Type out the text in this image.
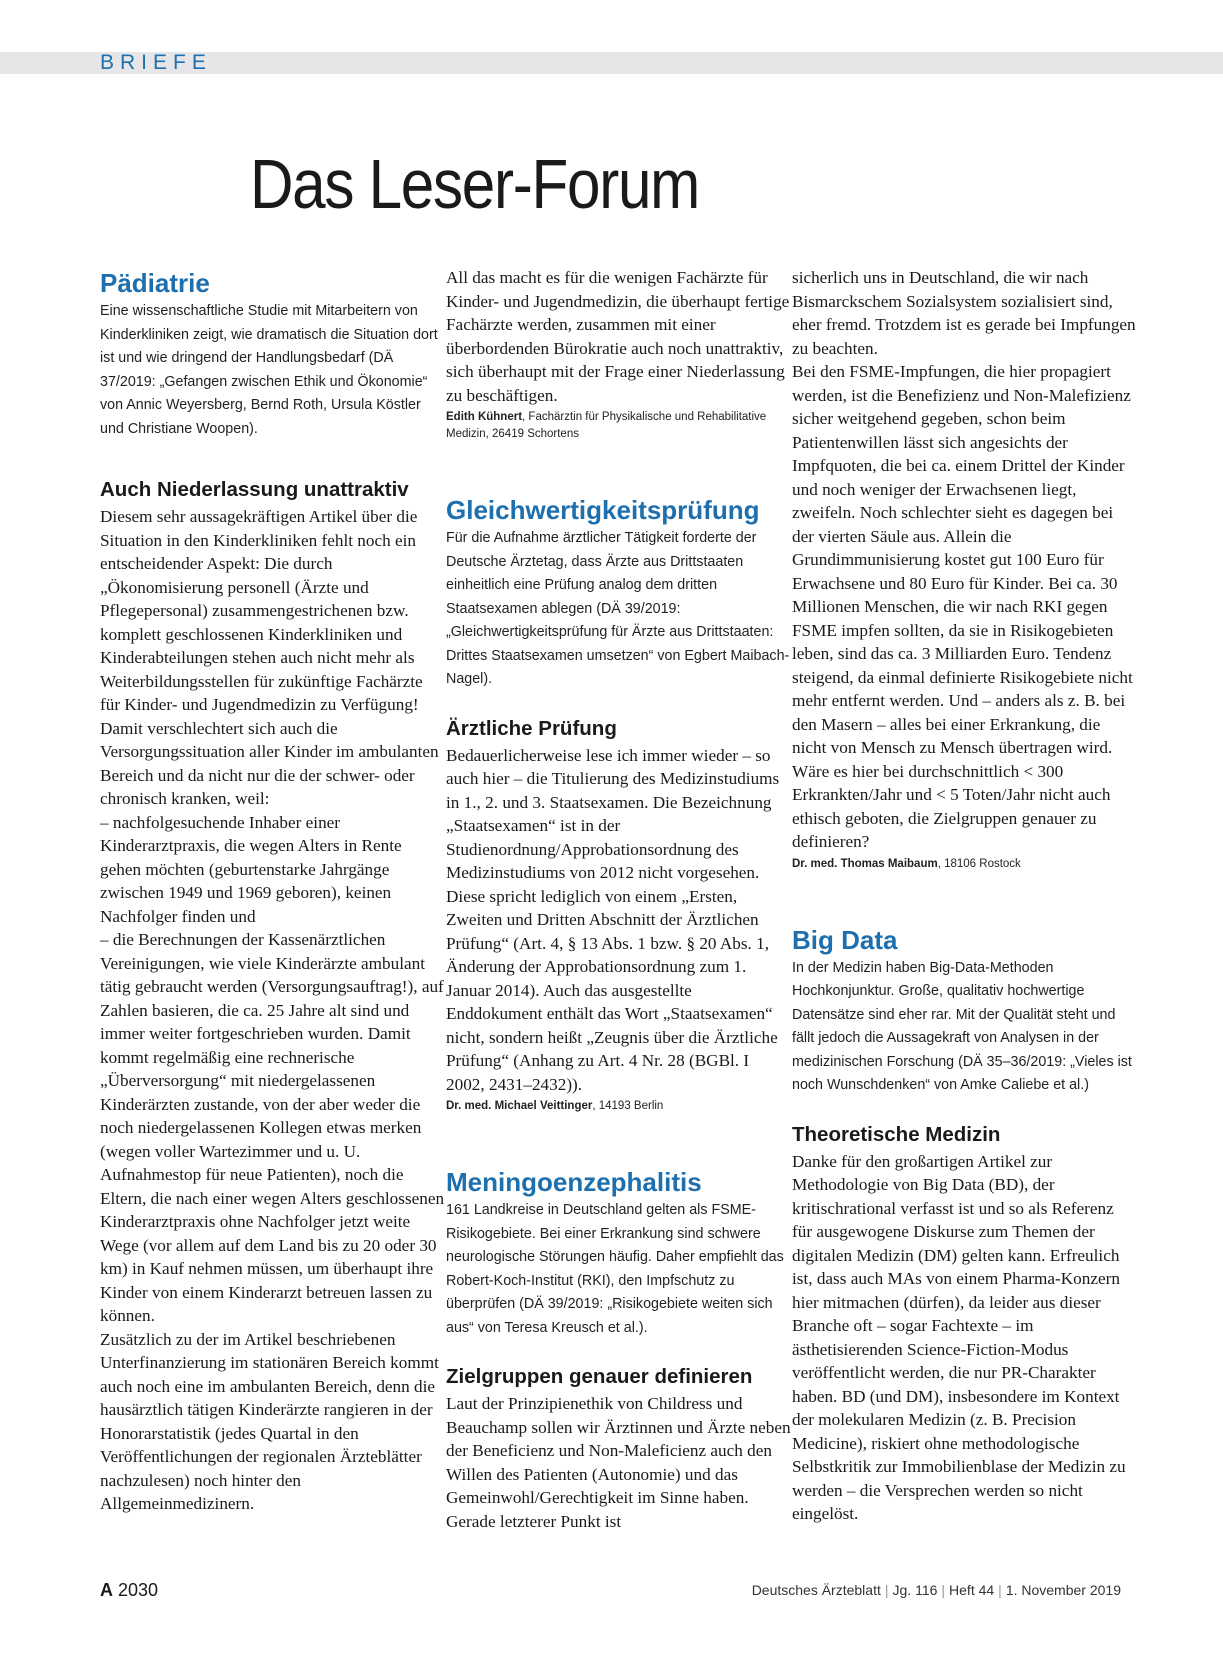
BRIEFE
Das Leser-Forum
Pädiatrie

Eine wissenschaftliche Studie mit Mitarbeitern von Kinderkliniken zeigt, wie dramatisch die Situation dort ist und wie dringend der Handlungsbedarf (DÄ 37/2019: „Gefangen zwischen Ethik und Ökonomie“ von Annic Weyersberg, Bernd Roth, Ursula Köstler und Christiane Woopen).

Auch Niederlassung unattraktiv

Diesem sehr aussagekräftigen Artikel über die Situation in den Kinderkliniken fehlt noch ein entscheidender Aspekt: Die durch „Ökonomisierung personell (Ärzte und Pflegepersonal) zusammengestrichenen bzw. komplett geschlossenen Kinderkliniken und Kinderabteilungen stehen auch nicht mehr als Weiterbildungsstellen für zukünftige Fachärzte für Kinder- und Jugendmedizin zu Verfügung!

Damit verschlechtert sich auch die Versorgungssituation aller Kinder im ambulanten Bereich und da nicht nur die der schwer- oder chronisch kranken, weil:

– nachfolgesuchende Inhaber einer Kinderarztpraxis, die wegen Alters in Rente gehen möchten (geburtenstarke Jahrgänge zwischen 1949 und 1969 geboren), keinen Nachfolger finden und

– die Berechnungen der Kassenärztlichen Vereinigungen, wie viele Kinderärzte ambulant tätig gebraucht werden (Versorgungsauftrag!), auf Zahlen basieren, die ca. 25 Jahre alt sind und immer weiter fortgeschrieben wurden. Damit kommt regelmäßig eine rechnerische „Überversorgung“ mit niedergelassenen Kinderärzten zustande, von der aber weder die noch niedergelassenen Kollegen etwas merken (wegen voller Wartezimmer und u. U. Aufnahmestop für neue Patienten), noch die Eltern, die nach einer wegen Alters geschlossenen Kinderarztpraxis ohne Nachfolger jetzt weite Wege (vor allem auf dem Land bis zu 20 oder 30 km) in Kauf nehmen müssen, um überhaupt ihre Kinder von einem Kinderarzt betreuen lassen zu können.

Zusätzlich zu der im Artikel beschriebenen Unterfinanzierung im stationären Bereich kommt auch noch eine im ambulanten Bereich, denn die hausärztlich tätigen Kinderärzte rangieren in der Honorarstatistik (jedes Quartal in den Veröffentlichungen der regionalen Ärzteblätter nachzulesen) noch hinter den Allgemeinmedizinern.

All das macht es für die wenigen Fachärzte für Kinder- und Jugendmedizin, die überhaupt fertige Fachärzte werden, zusammen mit einer überbordenden Bürokratie auch noch unattraktiv, sich überhaupt mit der Frage einer Niederlassung zu beschäftigen.

Edith Kühnert, Fachärztin für Physikalische und Rehabilitative Medizin, 26419 Schortens

Gleichwertigkeitsprüfung

Für die Aufnahme ärztlicher Tätigkeit forderte der Deutsche Ärztetag, dass Ärzte aus Drittstaaten einheitlich eine Prüfung analog dem dritten Staatsexamen ablegen (DÄ 39/2019: „Gleichwertigkeitsprüfung für Ärzte aus Drittstaaten: Drittes Staatsexamen umsetzen“ von Egbert Maibach-Nagel).

Ärztliche Prüfung

Bedauerlicherweise lese ich immer wieder – so auch hier – die Titulierung des Medizinstudiums in 1., 2. und 3. Staatsexamen. Die Bezeichnung „Staatsexamen“ ist in der Studienordnung/Approbationsordnung des Medizinstudiums von 2012 nicht vorgesehen. Diese spricht lediglich von einem „Ersten, Zweiten und Dritten Abschnitt der Ärztlichen Prüfung“ (Art. 4, § 13 Abs. 1 bzw. § 20 Abs. 1, Änderung der Approbationsordnung zum 1. Januar 2014). Auch das ausgestellte Enddokument enthält das Wort „Staatsexamen“ nicht, sondern heißt „Zeugnis über die Ärztliche Prüfung“ (Anhang zu Art. 4 Nr. 28 (BGBl. I 2002, 2431–2432)).

Dr. med. Michael Veittinger, 14193 Berlin

Meningoenzephalitis

161 Landkreise in Deutschland gelten als FSME-Risikogebiete. Bei einer Erkrankung sind schwere neurologische Störungen häufig. Daher empfiehlt das Robert-Koch-Institut (RKI), den Impfschutz zu überprüfen (DÄ 39/2019: „Risikogebiete weiten sich aus“ von Teresa Kreusch et al.).

Zielgruppen genauer definieren

Laut der Prinzipienethik von Childress und Beauchamp sollen wir Ärztinnen und Ärzte neben der Beneficienz und Non-Maleficienz auch den Willen des Patienten (Autonomie) und das Gemeinwohl/Gerechtigkeit im Sinne haben. Gerade letzterer Punkt ist

sicherlich uns in Deutschland, die wir nach Bismarckschem Sozialsystem sozialisiert sind, eher fremd. Trotzdem ist es gerade bei Impfungen zu beachten.

Bei den FSME-Impfungen, die hier propagiert werden, ist die Benefizienz und Non-Malefizienz sicher weitgehend gegeben, schon beim Patientenwillen lässt sich angesichts der Impfquoten, die bei ca. einem Drittel der Kinder und noch weniger der Erwachsenen liegt, zweifeln. Noch schlechter sieht es dagegen bei der vierten Säule aus. Allein die Grundimmunisierung kostet gut 100 Euro für Erwachsene und 80 Euro für Kinder. Bei ca. 30 Millionen Menschen, die wir nach RKI gegen FSME impfen sollten, da sie in Risikogebieten leben, sind das ca. 3 Milliarden Euro. Tendenz steigend, da einmal definierte Risikogebiete nicht mehr entfernt werden. Und – anders als z. B. bei den Masern – alles bei einer Erkrankung, die nicht von Mensch zu Mensch übertragen wird. Wäre es hier bei durchschnittlich < 300 Erkrankten/Jahr und < 5 Toten/Jahr nicht auch ethisch geboten, die Zielgruppen genauer zu definieren?

Dr. med. Thomas Maibaum, 18106 Rostock

Big Data

In der Medizin haben Big-Data-Methoden Hochkonjunktur. Große, qualitativ hochwertige Datensätze sind eher rar. Mit der Qualität steht und fällt jedoch die Aussagekraft von Analysen in der medizinischen Forschung (DÄ 35–36/2019: „Vieles ist noch Wunschdenken“ von Amke Caliebe et al.)

Theoretische Medizin

Danke für den großartigen Artikel zur Methodologie von Big Data (BD), der kritischrational verfasst ist und so als Referenz für ausgewogene Diskurse zum Themen der digitalen Medizin (DM) gelten kann. Erfreulich ist, dass auch MAs von einem Pharma-Konzern hier mitmachen (dürfen), da leider aus dieser Branche oft – sogar Fachtexte – im ästhetisierenden Science-Fiction-Modus veröffentlicht werden, die nur PR-Charakter haben. BD (und DM), insbesondere im Kontext der molekularen Medizin (z. B. Precision Medicine), riskiert ohne methodologische Selbstkritik zur Immobilienblase der Medizin zu werden – die Versprechen werden so nicht eingelöst.

A 2030	Deutsches Ärzteblatt | Jg. 116 | Heft 44 | 1. November 2019
